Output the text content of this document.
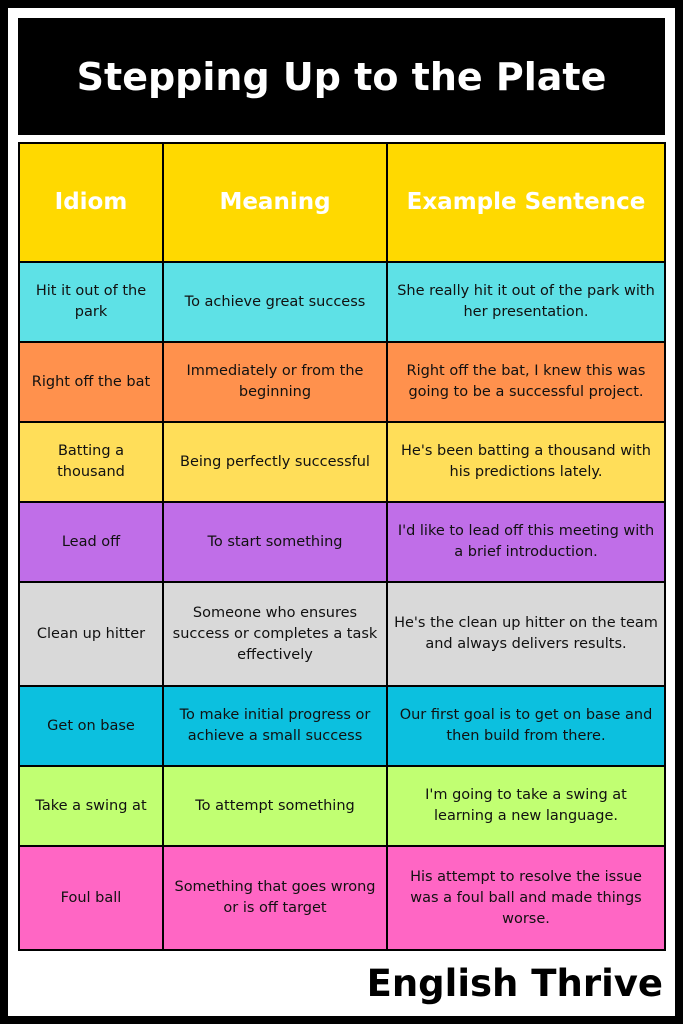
Stepping Up to the Plate
Idiom	Meaning	Example Sentence
Hit it out of the park	To achieve great success	She really hit it out of the park with her presentation.
Right off the bat	Immediately or from the beginning	Right off the bat, I knew this was going to be a successful project.
Batting a thousand	Being perfectly successful	He's been batting a thousand with his predictions lately.
Lead off	To start something	I'd like to lead off this meeting with a brief introduction.
Clean up hitter	Someone who ensures success or completes a task effectively	He's the clean up hitter on the team and always delivers results.
Get on base	To make initial progress or achieve a small success	Our first goal is to get on base and then build from there.
Take a swing at	To attempt something	I'm going to take a swing at learning a new language.
Foul ball	Something that goes wrong or is off target	His attempt to resolve the issue was a foul ball and made things worse.
English Thrive
